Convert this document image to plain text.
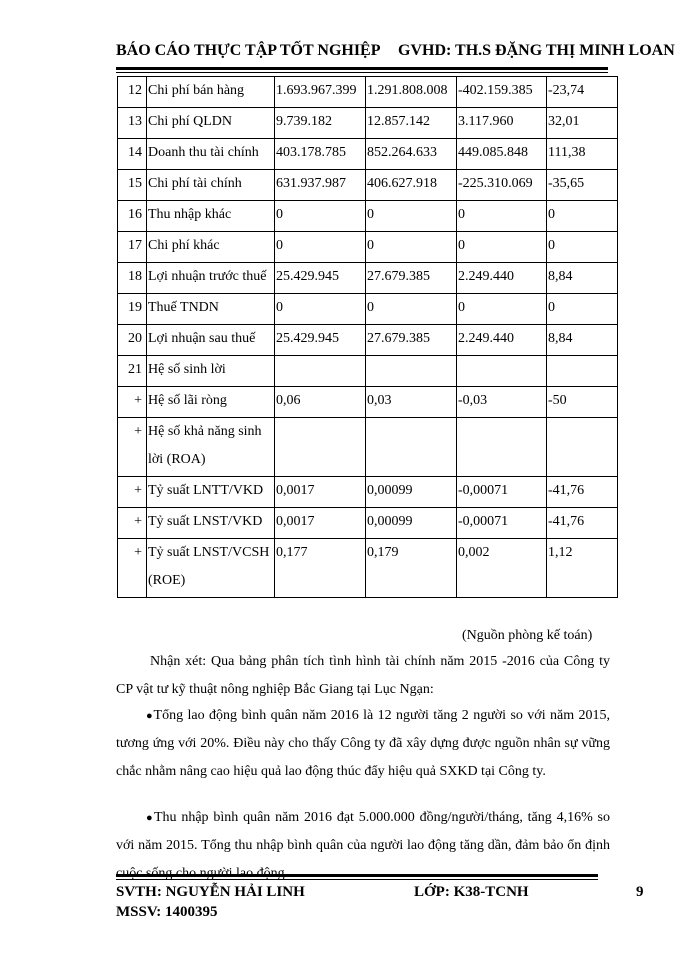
BÁO CÁO THỰC TẬP TỐT NGHIỆP GVHD: TH.S ĐẶNG THỊ MINH LOAN
12	Chi phí bán hàng	1.693.967.399	1.291.808.008	-402.159.385	-23,74
13	Chi phí QLDN	9.739.182	12.857.142	3.117.960	32,01
14	Doanh thu tài chính	403.178.785	852.264.633	449.085.848	111,38
15	Chi phí tài chính	631.937.987	406.627.918	-225.310.069	-35,65
16	Thu nhập khác	0	0	0	0
17	Chi phí khác	0	0	0	0
18	Lợi nhuận trước thuế	25.429.945	27.679.385	2.249.440	8,84
19	Thuế TNDN	0	0	0	0
20	Lợi nhuận sau thuế	25.429.945	27.679.385	2.249.440	8,84
21	Hệ số sinh lời				
+	Hệ số lãi ròng	0,06	0,03	-0,03	-50
+	Hệ số khả năng sinh lời (ROA)				
+	Tỷ suất LNTT/VKD	0,0017	0,00099	-0,00071	-41,76
+	Tỷ suất LNST/VKD	0,0017	0,00099	-0,00071	-41,76
+	Tỷ suất LNST/VCSH (ROE)	0,177	0,179	0,002	1,12
(Nguồn phòng kế toán)
Nhận xét: Qua bảng phân tích tình hình tài chính năm 2015 -2016 của Công ty CP vật tư kỹ thuật nông nghiệp Bắc Giang tại Lục Ngạn:
●Tổng lao động bình quân năm 2016 là 12 người tăng 2 người so với năm 2015, tương ứng với 20%. Điều này cho thấy Công ty đã xây dựng được nguồn nhân sự vững chắc nhằm nâng cao hiệu quả lao động thúc đẩy hiệu quả SXKD tại Công ty.
●Thu nhập bình quân năm 2016 đạt 5.000.000 đồng/người/tháng, tăng 4,16% so với năm 2015. Tổng thu nhập bình quân của người lao động tăng dần, đảm bảo ổn định
SVTH: NGUYỄN HẢI LINH	LỚP: K38-TCNH	9
MSSV: 1400395
